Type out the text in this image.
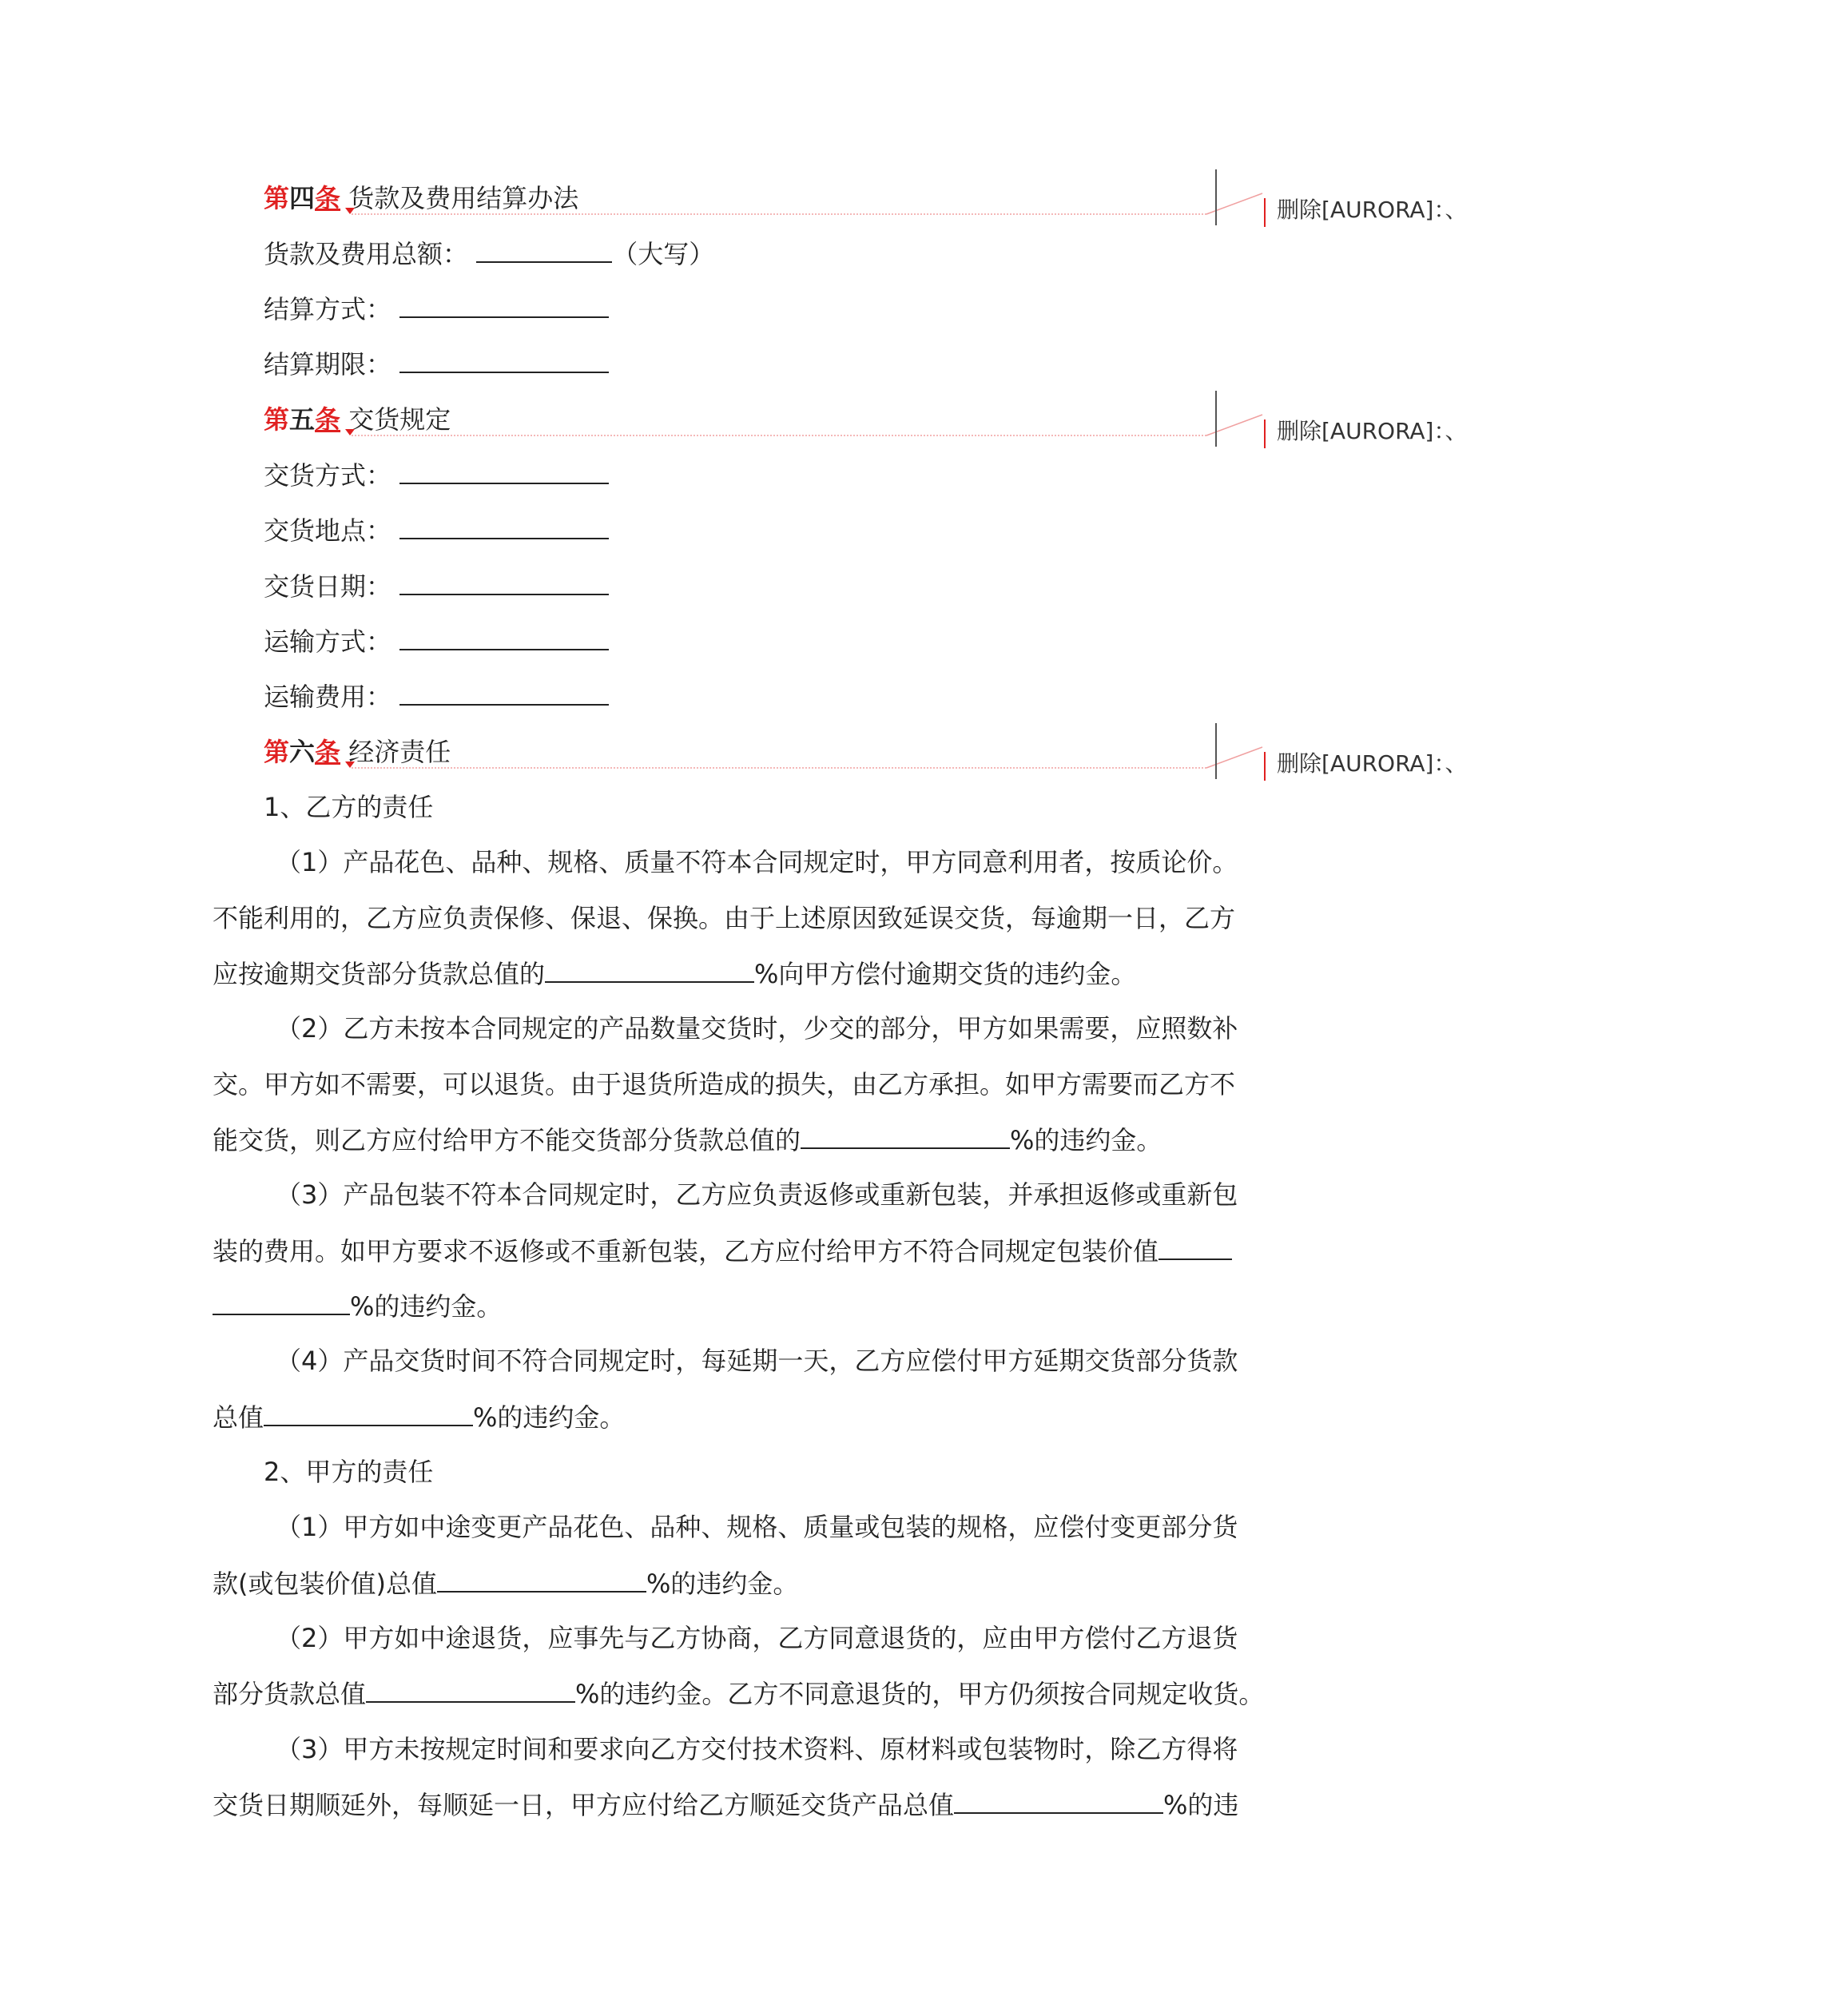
第四条 货款及费用结算办法
货款及费用总额：	（大写）
结算方式：
结算期限：
第五条 交货规定
交货方式：
交货地点：
交货日期：
运输方式：
运输费用：
第六条 经济责任
1、乙方的责任
（1）产品花色、品种、规格、质量不符本合同规定时，甲方同意利用者，按质论价。
不能利用的，乙方应负责保修、保退、保换。由于上述原因致延误交货，每逾期一日，乙方
应按逾期交货部分货款总值的	%向甲方偿付逾期交货的违约金。
（2）乙方未按本合同规定的产品数量交货时，少交的部分，甲方如果需要，应照数补
交。甲方如不需要，可以退货。由于退货所造成的损失，由乙方承担。如甲方需要而乙方不
能交货，则乙方应付给甲方不能交货部分货款总值的	%的违约金。
（3）产品包装不符本合同规定时，乙方应负责返修或重新包装，并承担返修或重新包
装的费用。如甲方要求不返修或不重新包装，乙方应付给甲方不符合同规定包装价值
%的违约金。
（4）产品交货时间不符合同规定时，每延期一天，乙方应偿付甲方延期交货部分货款
总值	%的违约金。
2、甲方的责任
（1）甲方如中途变更产品花色、品种、规格、质量或包装的规格，应偿付变更部分货
款(或包装价值)总值	%的违约金。
（2）甲方如中途退货，应事先与乙方协商，乙方同意退货的，应由甲方偿付乙方退货
部分货款总值	%的违约金。乙方不同意退货的，甲方仍须按合同规定收货。
（3）甲方未按规定时间和要求向乙方交付技术资料、原材料或包装物时，除乙方得将
交货日期顺延外，每顺延一日，甲方应付给乙方顺延交货产品总值	%的违
删除[AURORA]：、
删除[AURORA]：、
删除[AURORA]：、
